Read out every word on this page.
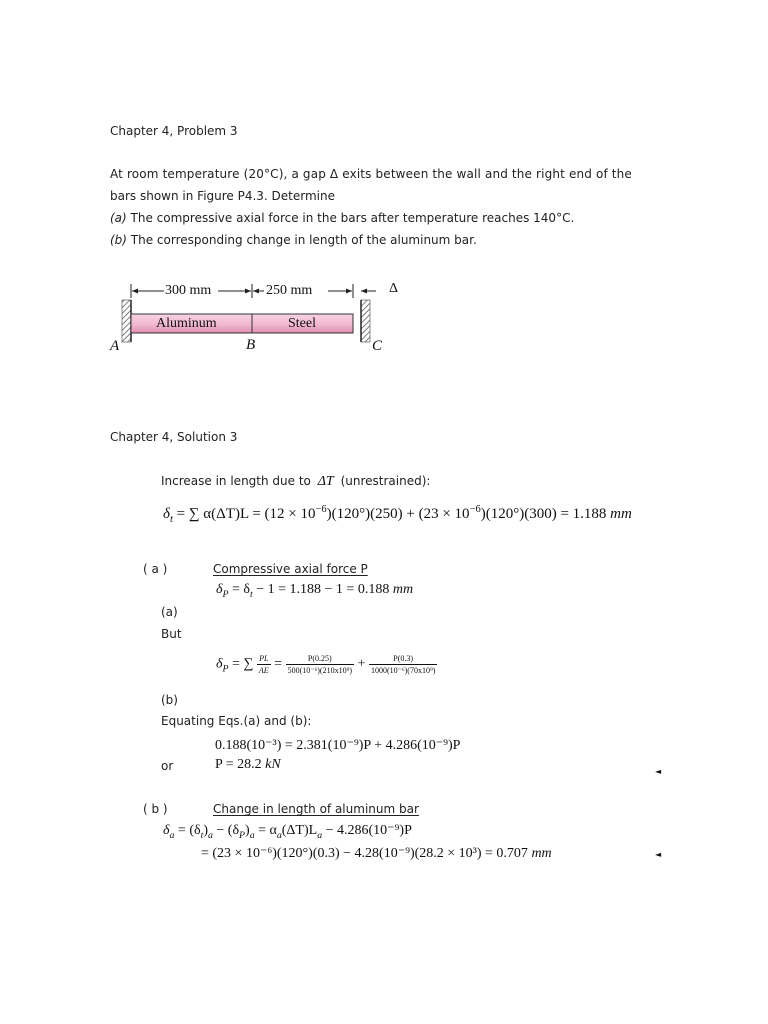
Chapter 4, Problem 3
At room temperature (20°C), a gap Δ exits between the wall and the right end of the
bars shown in Figure P4.3. Determine
(a) The compressive axial force in the bars after temperature reaches 140°C.
(b) The corresponding change in length of the aluminum bar.
300 mm	250 mm	Δ
Aluminum	Steel
A	B	C
Chapter 4, Solution 3
Increase in length due to ΔT (unrestrained):
$\delta_t$ = ∑ $\alpha(\Delta T)L = (12 \times 10^{-6})(120^\circ)(250) + (23 \times 10^{-6})(120^\circ)(300) = 1.188$ mm
( a )	Compressive axial force P
$\delta_P = \delta_t - 1 = 1.188 - 1 = 0.188$ mm
(a)
But
$\delta_P$ = ∑ $\frac{PL}{AE} = \frac{P(0.25)}{\text{500(10⁻⁶)(210x10⁹)}} + \frac{P(0.3)}{\text{1000(10⁻⁶)(70x10⁹)}}$
(b)
Equating Eqs.(a) and (b):
0.188(10⁻³) = 2.381(10⁻⁹)P + 4.286(10⁻⁹)P
or	P = 28.2 kN	◄
( b )	Change in length of aluminum bar
$\delta_a = (\delta_t)_a - (\delta_P)_a = \alpha_a(\Delta T)L_a - 4.286(10^{-9})P$
= (23 × 10⁻⁶)(120°)(0.3) − 4.28(10⁻⁹)(28.2 × 10³) = 0.707 mm	◄
